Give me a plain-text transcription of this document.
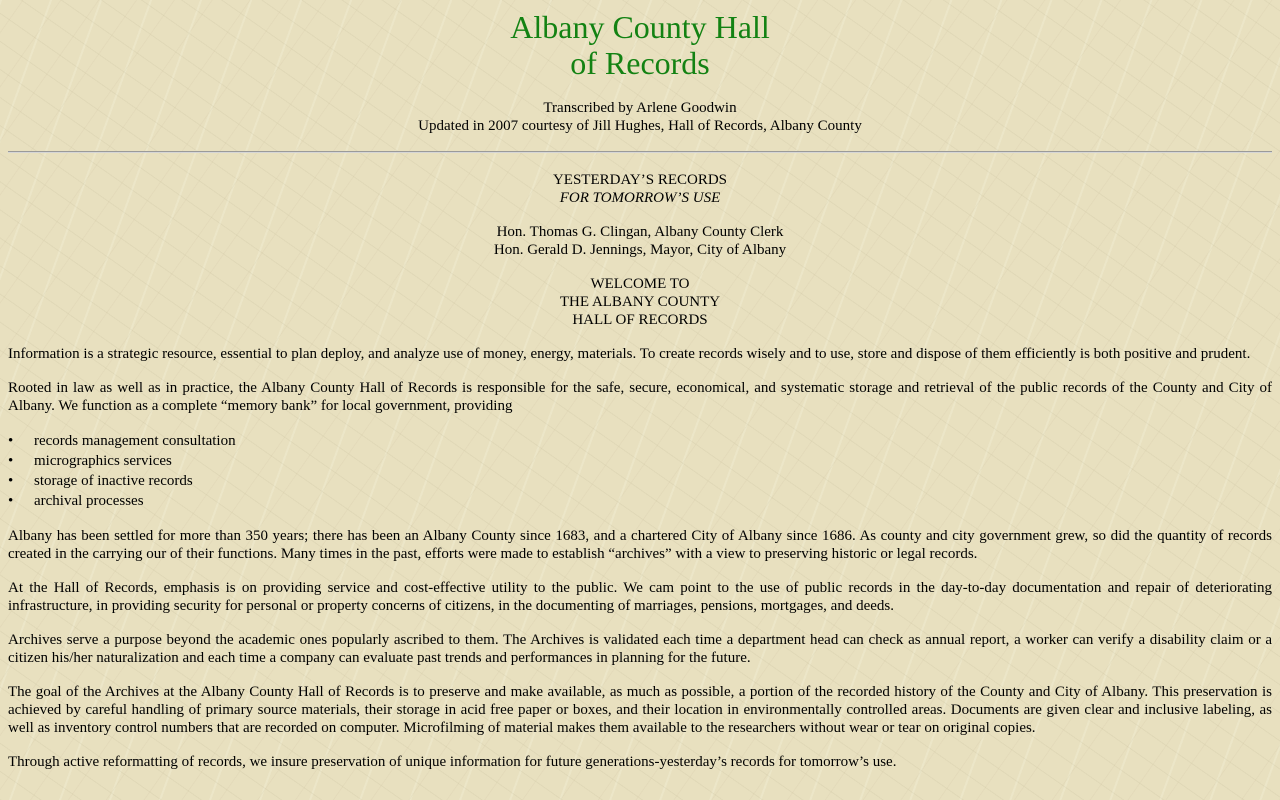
Albany County Hall
of Records
Transcribed by Arlene Goodwin
Updated in 2007 courtesy of Jill Hughes, Hall of Records, Albany County
YESTERDAY’S RECORDS
FOR TOMORROW’S USE
Hon. Thomas G. Clingan, Albany County Clerk
Hon. Gerald D. Jennings, Mayor, City of Albany
WELCOME TO
THE ALBANY COUNTY
HALL OF RECORDS

Information is a strategic resource, essential to plan deploy, and analyze use of money, energy, materials. To create records wisely and to use, store and dispose of them efficiently is both positive and prudent.

Rooted in law as well as in practice, the Albany County Hall of Records is responsible for the safe, secure, economical, and systematic storage and retrieval of the public records of the County and City of Albany. We function as a complete “memory bank” for local government, providing

•	records management consultation
•	micrographics services
•	storage of inactive records
•	archival processes

Albany has been settled for more than 350 years; there has been an Albany County since 1683, and a chartered City of Albany since 1686. As county and city government grew, so did the quantity of records created in the carrying our of their functions. Many times in the past, efforts were made to establish “archives” with a view to preserving historic or legal records.

At the Hall of Records, emphasis is on providing service and cost-effective utility to the public. We cam point to the use of public records in the day-to-day documentation and repair of deteriorating infrastructure, in providing security for personal or property concerns of citizens, in the documenting of marriages, pensions, mortgages, and deeds.

Archives serve a purpose beyond the academic ones popularly ascribed to them. The Archives is validated each time a department head can check as annual report, a worker can verify a disability claim or a citizen his/her naturalization and each time a company can evaluate past trends and performances in planning for the future.

The goal of the Archives at the Albany County Hall of Records is to preserve and make available, as much as possible, a portion of the recorded history of the County and City of Albany. This preservation is achieved by careful handling of primary source materials, their storage in acid free paper or boxes, and their location in environmentally controlled areas. Documents are given clear and inclusive labeling, as well as inventory control numbers that are recorded on computer. Microfilming of material makes them available to the researchers without wear or tear on original copies.

Through active reformatting of records, we insure preservation of unique information for future generations-yesterday’s records for tomorrow’s use.
